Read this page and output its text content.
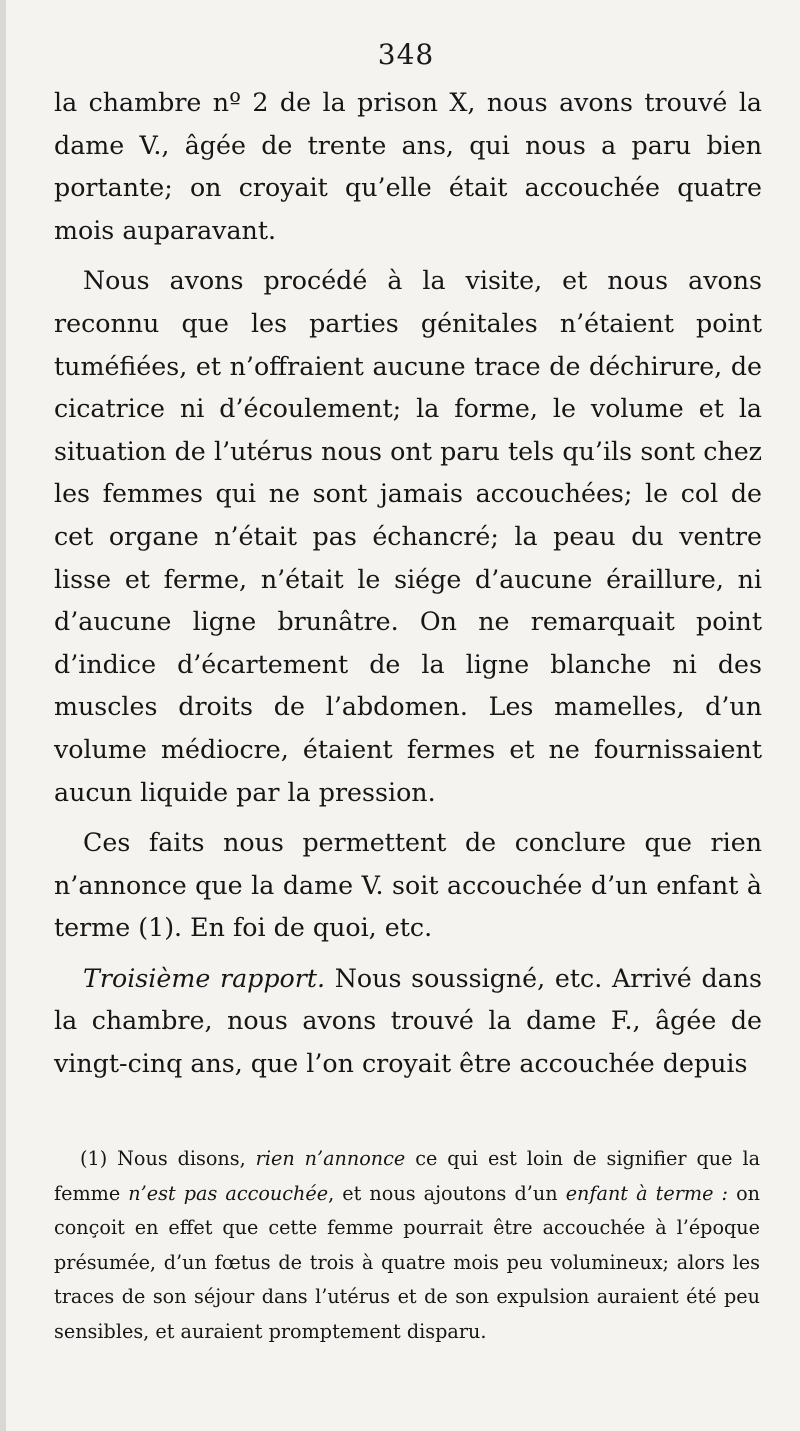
348

la chambre nº 2 de la prison X, nous avons trouvé la dame V., âgée de trente ans, qui nous a paru bien portante; on croyait qu’elle était accouchée quatre mois auparavant.

Nous avons procédé à la visite, et nous avons reconnu que les parties génitales n’étaient point tuméfiées, et n’offraient aucune trace de déchirure, de cicatrice ni d’écoulement; la forme, le volume et la situation de l’utérus nous ont paru tels qu’ils sont chez les femmes qui ne sont jamais accouchées; le col de cet organe n’était pas échancré; la peau du ventre lisse et ferme, n’était le siége d’aucune éraillure, ni d’aucune ligne brunâtre. On ne remarquait point d’indice d’écartement de la ligne blanche ni des muscles droits de l’abdomen. Les mamelles, d’un volume médiocre, étaient fermes et ne fournissaient aucun liquide par la pression.

Ces faits nous permettent de conclure que rien n’annonce que la dame V. soit accouchée d’un enfant à terme (1). En foi de quoi, etc.

Troisième rapport. Nous soussigné, etc. Arrivé dans la chambre, nous avons trouvé la dame F., âgée de vingt-cinq ans, que l’on croyait être accouchée depuis

(1) Nous disons, rien n’annonce ce qui est loin de signifier que la femme n’est pas accouchée, et nous ajoutons d’un enfant à terme : on conçoit en effet que cette femme pourrait être accouchée à l’époque présumée, d’un fœtus de trois à quatre mois peu volumineux; alors les traces de son séjour dans l’utérus et de son expulsion auraient été peu sensibles, et auraient promptement disparu.
